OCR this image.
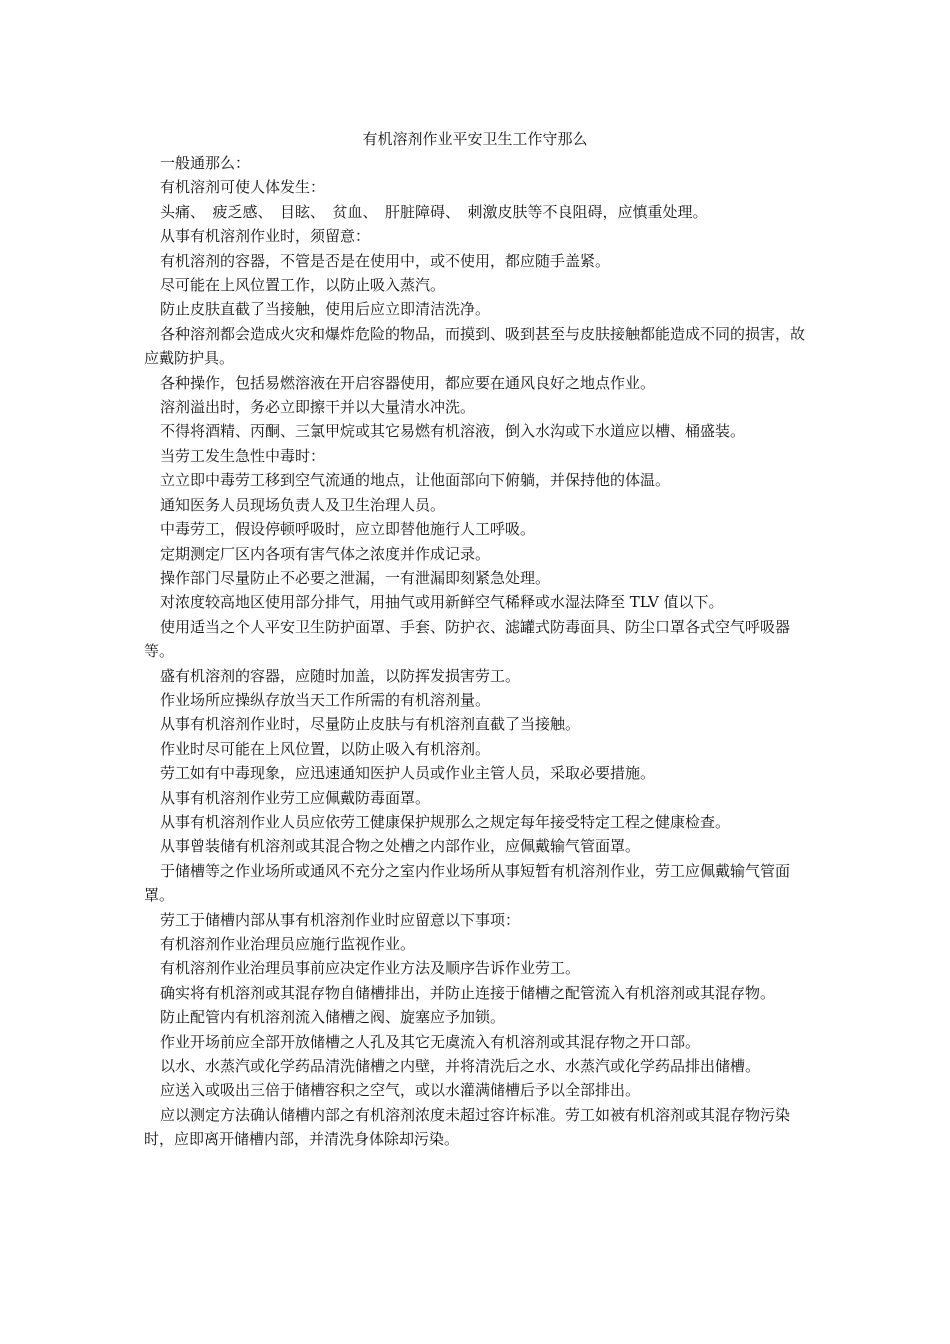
有机溶剂作业平安卫生工作守那么

一般通那么：

有机溶剂可使人体发生：

头痛、　疲乏感、　目眩、　贫血、　肝脏障碍、　刺激皮肤等不良阻碍，应慎重处理。

从事有机溶剂作业时，须留意：

有机溶剂的容器，不管是否是在使用中，或不使用，都应随手盖紧。

尽可能在上风位置工作，以防止吸入蒸汽。

防止皮肤直截了当接触，使用后应立即清洁洗净。

各种溶剂都会造成火灾和爆炸危险的物品，而摸到、吸到甚至与皮肤接触都能造成不同的损害，故应戴防护具。

各种操作，包括易燃溶液在开启容器使用，都应要在通风良好之地点作业。

溶剂溢出时，务必立即擦干并以大量清水冲洗。

不得将酒精、丙酮、三氯甲烷或其它易燃有机溶液，倒入水沟或下水道应以槽、桶盛装。

当劳工发生急性中毒时：

立立即中毒劳工移到空气流通的地点，让他面部向下俯躺，并保持他的体温。

通知医务人员现场负责人及卫生治理人员。

中毒劳工，假设停顿呼吸时，应立即替他施行人工呼吸。

定期测定厂区内各项有害气体之浓度并作成记录。

操作部门尽量防止不必要之泄漏，一有泄漏即刻紧急处理。

对浓度较高地区使用部分排气，用抽气或用新鲜空气稀释或水湿法降至 TLV 值以下。

使用适当之个人平安卫生防护面罩、手套、防护衣、滤罐式防毒面具、防尘口罩各式空气呼吸器等。

盛有机溶剂的容器，应随时加盖，以防挥发损害劳工。

作业场所应操纵存放当天工作所需的有机溶剂量。

从事有机溶剂作业时，尽量防止皮肤与有机溶剂直截了当接触。

作业时尽可能在上风位置，以防止吸入有机溶剂。

劳工如有中毒现象，应迅速通知医护人员或作业主管人员，采取必要措施。

从事有机溶剂作业劳工应佩戴防毒面罩。

从事有机溶剂作业人员应依劳工健康保护规那么之规定每年接受特定工程之健康检查。

从事曾装储有机溶剂或其混合物之处槽之内部作业，应佩戴输气管面罩。

于储槽等之作业场所或通风不充分之室内作业场所从事短暂有机溶剂作业，劳工应佩戴输气管面罩。

劳工于储槽内部从事有机溶剂作业时应留意以下事项：

有机溶剂作业治理员应施行监视作业。

有机溶剂作业治理员事前应决定作业方法及顺序告诉作业劳工。

确实将有机溶剂或其混存物自储槽排出，并防止连接于储槽之配管流入有机溶剂或其混存物。

防止配管内有机溶剂流入储槽之阀、旋塞应予加锁。

作业开场前应全部开放储槽之人孔及其它无虞流入有机溶剂或其混存物之开口部。

以水、水蒸汽或化学药品清洗储槽之内壁，并将清洗后之水、水蒸汽或化学药品排出储槽。

应送入或吸出三倍于储槽容积之空气，或以水灌满储槽后予以全部排出。

应以测定方法确认储槽内部之有机溶剂浓度未超过容许标准。劳工如被有机溶剂或其混存物污染时，应即离开储槽内部，并清洗身体除却污染。
